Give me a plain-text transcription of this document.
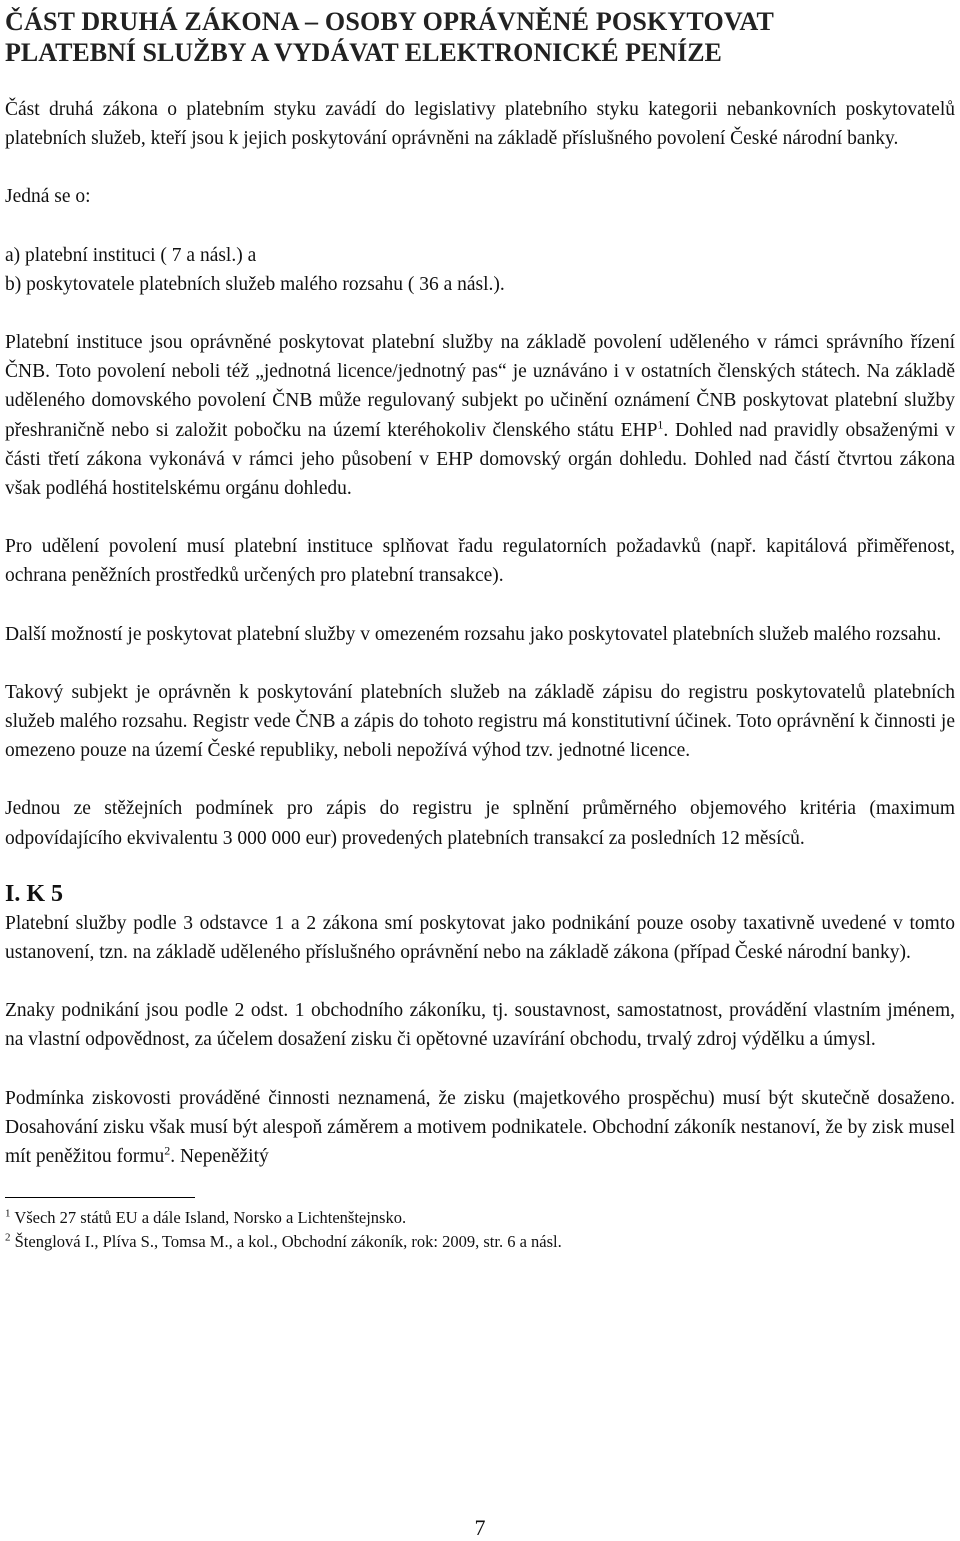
ČÁST DRUHÁ ZÁKONA – OSOBY OPRÁVNĚNÉ POSKYTOVAT
PLATEBNÍ SLUŽBY A VYDÁVAT ELEKTRONICKÉ PENÍZE

Část druhá zákona o platebním styku zavádí do legislativy platebního styku kategorii nebankovních poskytovatelů platebních služeb, kteří jsou k jejich poskytování oprávněni na základě příslušného povolení České národní banky.

Jedná se o:

a) platební instituci ( 7 a násl.) a

b) poskytovatele platebních služeb malého rozsahu ( 36 a násl.).

Platební instituce jsou oprávněné poskytovat platební služby na základě povolení uděleného v rámci správního řízení ČNB. Toto povolení neboli též „jednotná licence/jednotný pas“ je uznáváno i v ostatních členských státech. Na základě uděleného domovského povolení ČNB může regulovaný subjekt po učinění oznámení ČNB poskytovat platební služby přeshraničně nebo si založit pobočku na území kteréhokoliv členského státu EHP$^1$. Dohled nad pravidly obsaženými v části třetí zákona vykonává v rámci jeho působení v EHP domovský orgán dohledu. Dohled nad částí čtvrtou zákona však podléhá hostitelskému orgánu dohledu.

Pro udělení povolení musí platební instituce splňovat řadu regulatorních požadavků (např. kapitálová přiměřenost, ochrana peněžních prostředků určených pro platební transakce).

Další možností je poskytovat platební služby v omezeném rozsahu jako poskytovatel platebních služeb malého rozsahu.

Takový subjekt je oprávněn k poskytování platebních služeb na základě zápisu do registru poskytovatelů platebních služeb malého rozsahu. Registr vede ČNB a zápis do tohoto registru má konstitutivní účinek. Toto oprávnění k činnosti je omezeno pouze na území České republiky, neboli nepožívá výhod tzv. jednotné licence.

Jednou ze stěžejních podmínek pro zápis do registru je splnění průměrného objemového kritéria (maximum odpovídajícího ekvivalentu 3 000 000 eur) provedených platebních transakcí za posledních 12 měsíců.

I. K 5

Platební služby podle 3 odstavce 1 a 2 zákona smí poskytovat jako podnikání pouze osoby taxativně uvedené v tomto ustanovení, tzn. na základě uděleného příslušného oprávnění nebo na základě zákona (případ České národní banky).

Znaky podnikání jsou podle 2 odst. 1 obchodního zákoníku, tj. soustavnost, samostatnost, provádění vlastním jménem, na vlastní odpovědnost, za účelem dosažení zisku či opětovné uzavírání obchodu, trvalý zdroj výdělku a úmysl.

Podmínka ziskovosti prováděné činnosti neznamená, že zisku (majetkového prospěchu) musí být skutečně dosaženo. Dosahování zisku však musí být alespoň záměrem a motivem podnikatele. Obchodní zákoník nestanoví, že by zisk musel mít peněžitou formu$^2$. Nepeněžitý

$^1$ Všech 27 států EU a dále Island, Norsko a Lichtenštejnsko.

$^2$ Štenglová I., Plíva S., Tomsa M., a kol., Obchodní zákoník, rok: 2009, str. 6 a násl.

7
